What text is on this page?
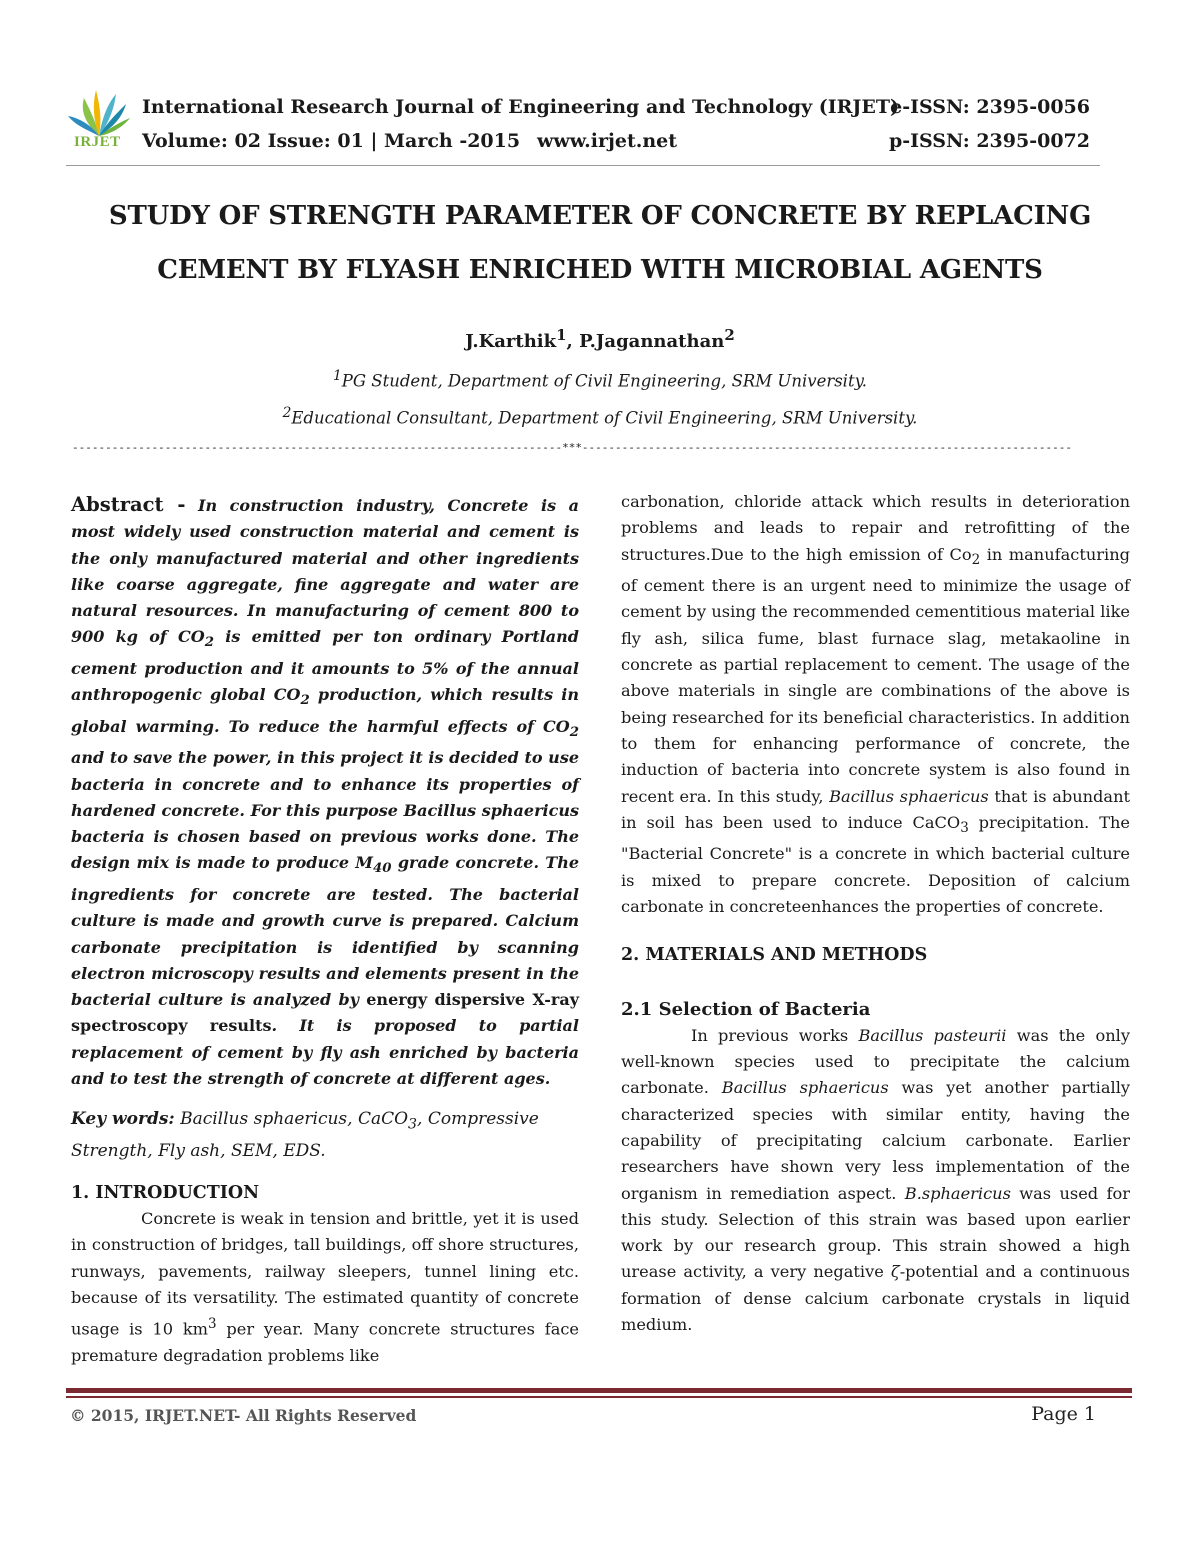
IRJET
International Research Journal of Engineering and Technology (IRJET)
Volume: 02 Issue: 01 | March -2015 www.irjet.net
e-ISSN: 2395-0056
p-ISSN: 2395-0072
STUDY OF STRENGTH PARAMETER OF CONCRETE BY REPLACING
CEMENT BY FLYASH ENRICHED WITH MICROBIAL AGENTS
J.Karthik$^1$, P.Jagannathan$^2$
$^1$PG Student, Department of Civil Engineering, SRM University.
$^2$Educational Consultant, Department of Civil Engineering, SRM University.
--------------------------------------------------------------------------***--------------------------------------------------------------------------
Abstract - In construction industry, Concrete is a most widely used construction material and cement is the only manufactured material and other ingredients like coarse aggregate, fine aggregate and water are natural resources. In manufacturing of cement 800 to 900 kg of $CO_2$ is emitted per ton ordinary Portland cement production and it amounts to 5% of the annual anthropogenic global $CO_2$ production, which results in global warming. To reduce the harmful effects of $CO_2$ and to save the power, in this project it is decided to use bacteria in concrete and to enhance its properties of hardened concrete. For this purpose Bacillus sphaericus bacteria is chosen based on previous works done. The design mix is made to produce $M_{40}$ grade concrete. The ingredients for concrete are tested. The bacterial culture is made and growth curve is prepared. Calcium carbonate precipitation is identified by scanning electron microscopy results and elements present in the bacterial culture is analyzed by energy dispersive X-ray spectroscopy results. It is proposed to partial replacement of cement by fly ash enriched by bacteria and to test the strength of concrete at different ages.
Key words: Bacillus sphaericus, CaCO$_3$, Compressive Strength, Fly ash, SEM, EDS.
1. INTRODUCTION
Concrete is weak in tension and brittle, yet it is used in construction of bridges, tall buildings, off shore structures, runways, pavements, railway sleepers, tunnel lining etc. because of its versatility. The estimated quantity of concrete usage is 10 $km^3$ per year. Many concrete structures face premature degradation problems like
carbonation, chloride attack which results in deterioration problems and leads to repair and retrofitting of the structures.Due to the high emission of $Co_2$ in manufacturing of cement there is an urgent need to minimize the usage of cement by using the recommended cementitious material like fly ash, silica fume, blast furnace slag, metakaoline in concrete as partial replacement to cement. The usage of the above materials in single are combinations of the above is being researched for its beneficial characteristics. In addition to them for enhancing performance of concrete, the induction of bacteria into concrete system is also found in recent era. In this study, Bacillus sphaericus that is abundant in soil has been used to induce CaCO$_3$ precipitation. The "Bacterial Concrete" is a concrete in which bacterial culture is mixed to prepare concrete. Deposition of calcium carbonate in concreteenhances the properties of concrete.
2. MATERIALS AND METHODS
2.1 Selection of Bacteria
In previous works Bacillus pasteurii was the only well-known species used to precipitate the calcium carbonate. Bacillus sphaericus was yet another partially characterized species with similar entity, having the capability of precipitating calcium carbonate. Earlier researchers have shown very less implementation of the organism in remediation aspect. B.sphaericus was used for this study. Selection of this strain was based upon earlier work by our research group. This strain showed a high urease activity, a very negative ζ-potential and a continuous formation of dense calcium carbonate crystals in liquid medium.
© 2015, IRJET.NET- All Rights Reserved	Page 1
